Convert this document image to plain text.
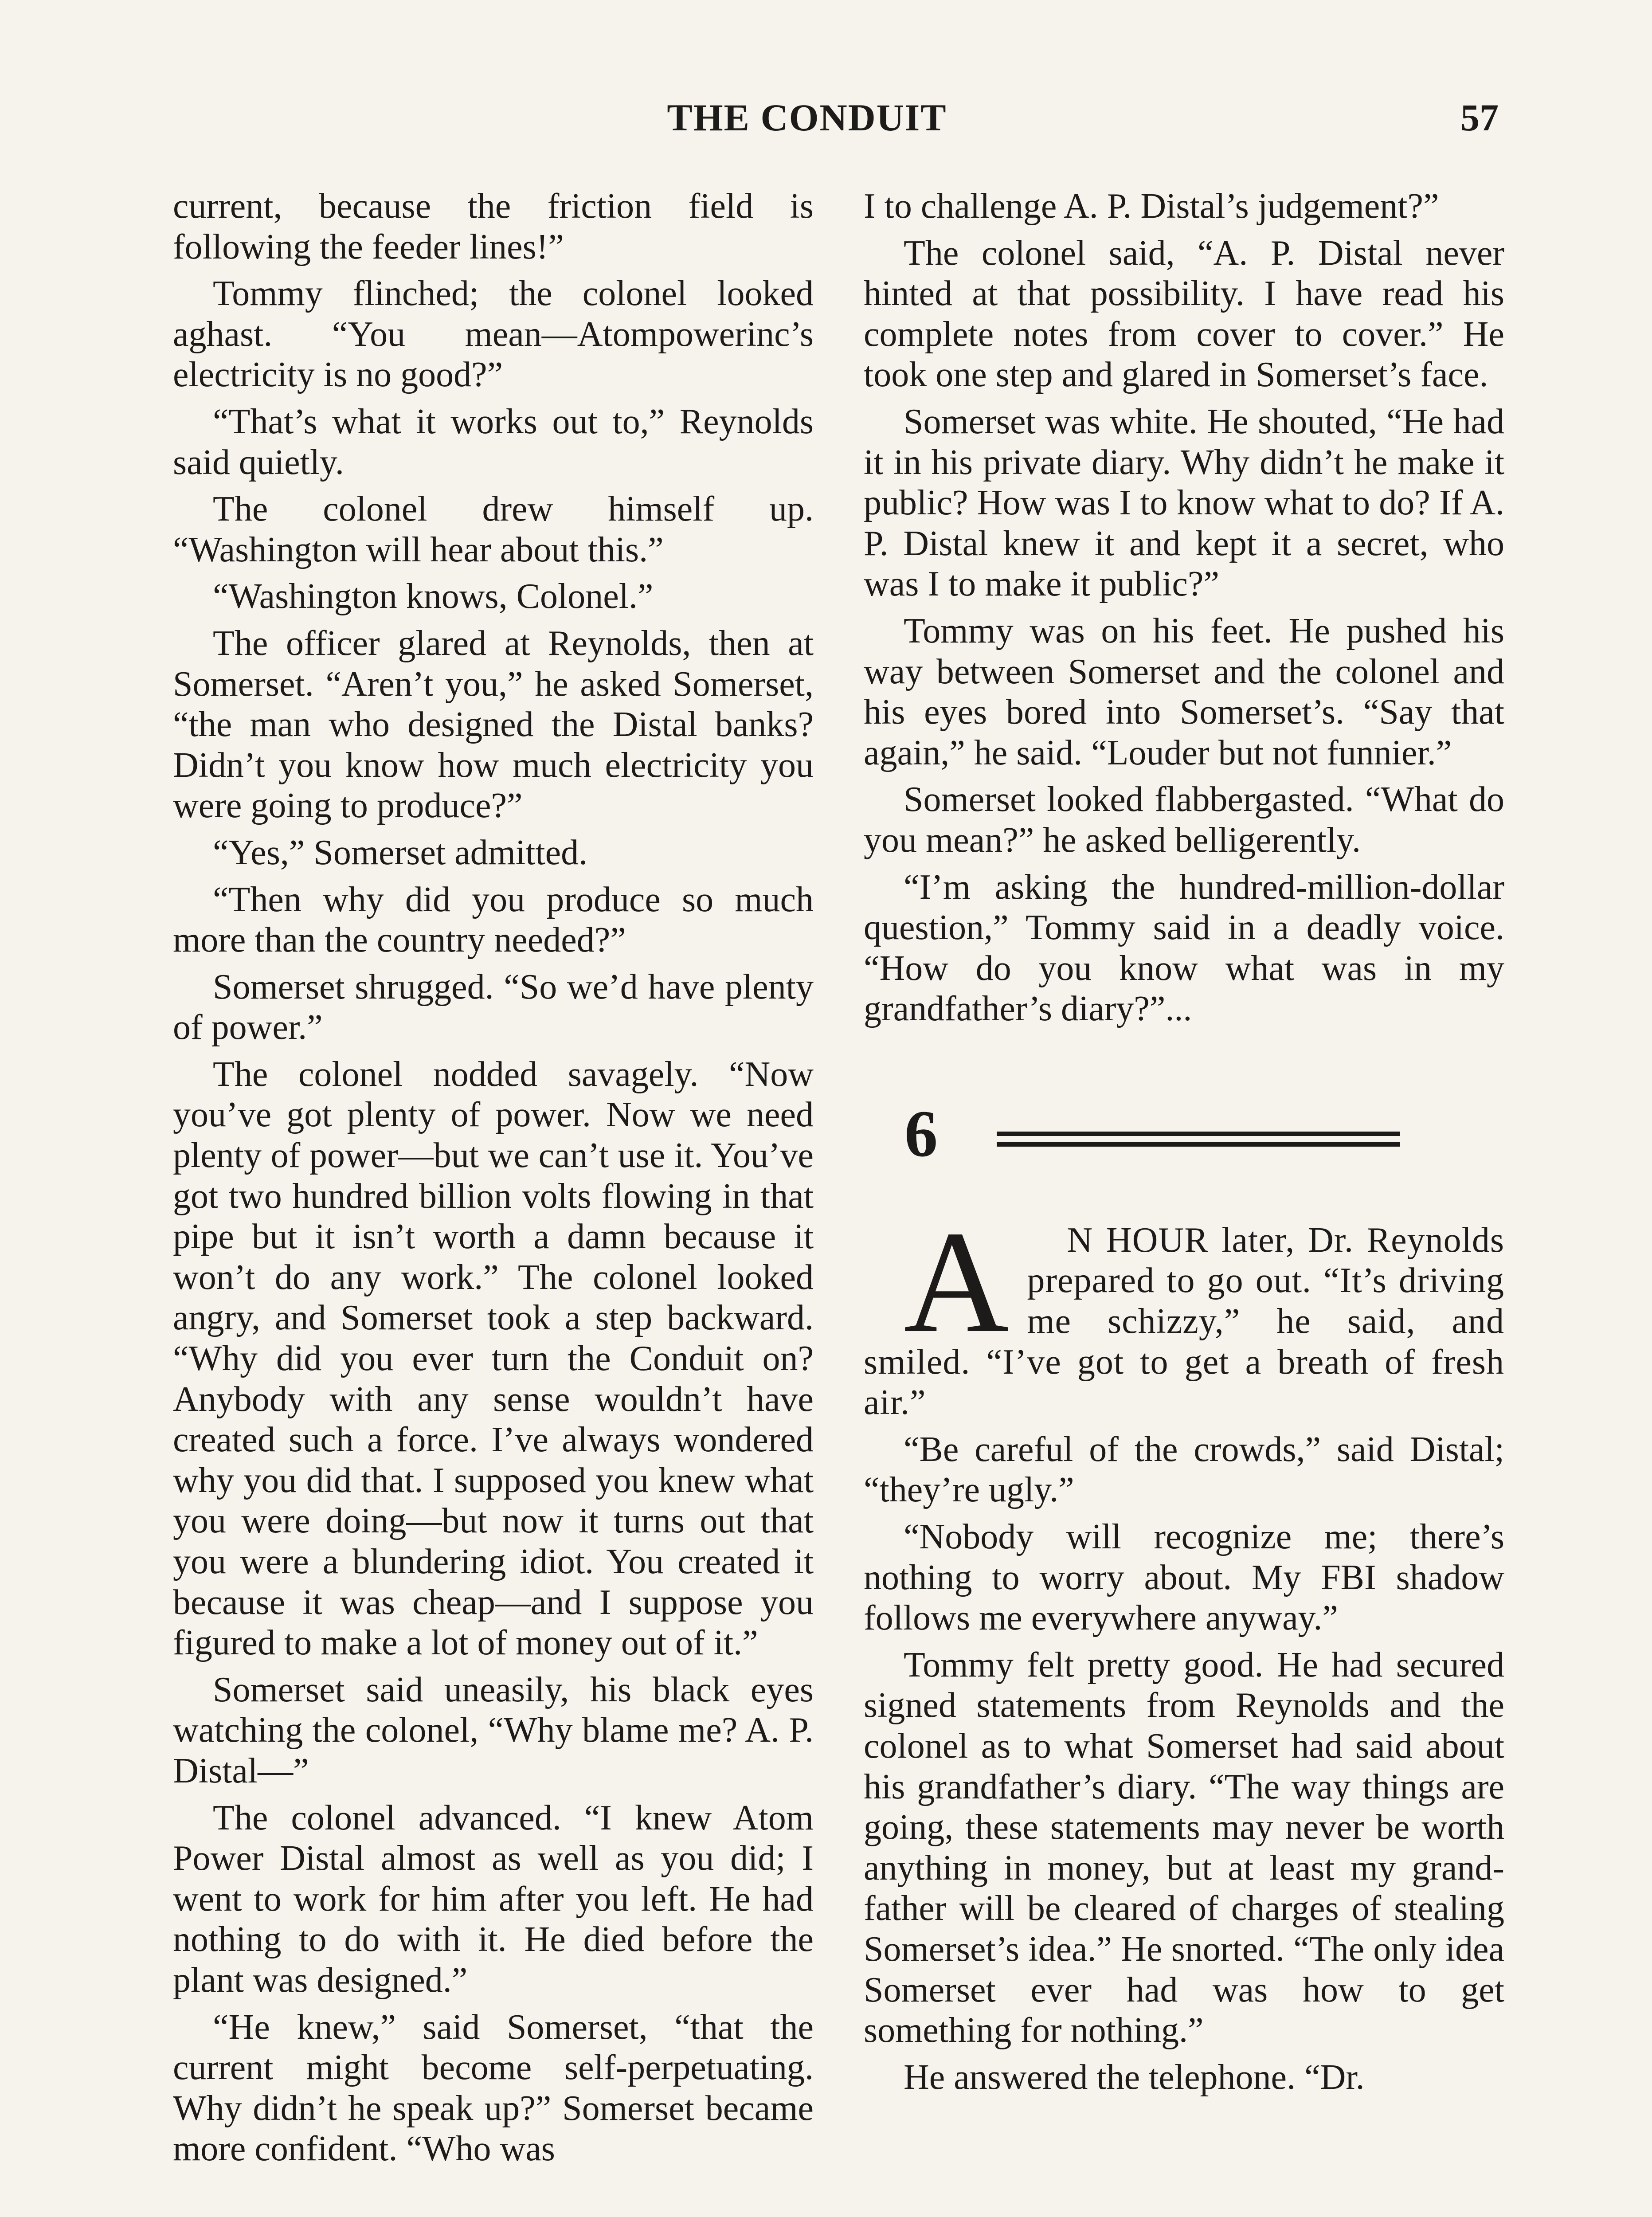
THE CONDUIT	57

current, because the friction field is following the feeder lines!”

Tommy flinched; the colonel looked aghast. “You mean—Atompowerinc’s electricity is no good?”

“That’s what it works out to,” Reynolds said quietly.

The colonel drew himself up. “Washington will hear about this.”

“Washington knows, Colonel.”

The officer glared at Reynolds, then at Somerset. “Aren’t you,” he asked Somerset, “the man who designed the Distal banks? Didn’t you know how much electricity you were going to produce?”

“Yes,” Somerset admitted.

“Then why did you produce so much more than the country needed?”

Somerset shrugged. “So we’d have plenty of power.”

The colonel nodded savagely. “Now you’ve got plenty of power. Now we need plenty of power—but we can’t use it. You’ve got two hundred billion volts flowing in that pipe but it isn’t worth a damn because it won’t do any work.” The colonel looked angry, and Somerset took a step backward. “Why did you ever turn the Conduit on? Anybody with any sense wouldn’t have created such a force. I’ve always wondered why you did that. I supposed you knew what you were doing—but now it turns out that you were a blundering idiot. You created it because it was cheap—and I suppose you figured to make a lot of money out of it.”

Somerset said uneasily, his black eyes watching the colonel, “Why blame me? A. P. Distal—”

The colonel advanced. “I knew Atom Power Distal almost as well as you did; I went to work for him after you left. He had nothing to do with it. He died before the plant was designed.”

“He knew,” said Somerset, “that the current might become self-perpetuating. Why didn’t he speak up?” Somerset became more confident. “Who was

I to challenge A. P. Distal’s judgement?”

The colonel said, “A. P. Distal never hinted at that possibility. I have read his complete notes from cover to cover.” He took one step and glared in Somerset’s face.

Somerset was white. He shouted, “He had it in his private diary. Why didn’t he make it public? How was I to know what to do? If A. P. Distal knew it and kept it a secret, who was I to make it public?”

Tommy was on his feet. He pushed his way between Somerset and the colonel and his eyes bored into Somerset’s. “Say that again,” he said. “Louder but not funnier.”

Somerset looked flabbergasted. “What do you mean?” he asked belligerently.

“I’m asking the hundred-million-dollar question,” Tommy said in a deadly voice. “How do you know what was in my grandfather’s diary?”...

6

A N HOUR later, Dr. Reynolds prepared to go out. “It’s driving me schizzy,” he said, and smiled. “I’ve got to get a breath of fresh air.”

“Be careful of the crowds,” said Distal; “they’re ugly.”

“Nobody will recognize me; there’s nothing to worry about. My FBI shadow follows me everywhere anyway.”

Tommy felt pretty good. He had secured signed statements from Reynolds and the colonel as to what Somerset had said about his grandfather’s diary. “The way things are going, these statements may never be worth anything in money, but at least my grandfather will be cleared of charges of stealing Somerset’s idea.” He snorted. “The only idea Somerset ever had was how to get something for nothing.”

He answered the telephone. “Dr.
